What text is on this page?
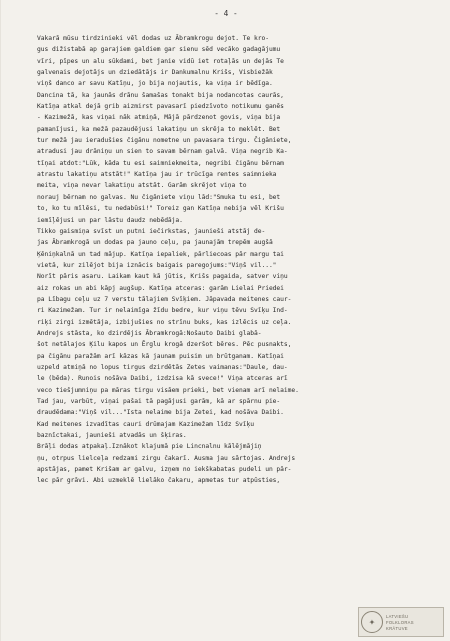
- 4 -
Vakarā mūsu tirdzinieki vēl dodas uz Ābramkrogu dejot. Te kro-
gus dižistabā ap garajiem galdiem gar sienu sēd vecāko gadagājumu
vīri, pīpes un alu sūkdami, bet janie vidū iet rotaļās un dejās Te
galvenais dejotājs un dziedātājs ir Dankumalnu Krišs, Visbiežāk
viņš danco ar savu Katīņu, jo bija nojautis, ka viņa ir bēdīga.
Dancina tā, ka jaunās drānu šamašas tonakt bija nodancotas caurās,
Katīņa atkal dejā grib aizmirst pavasarī piedzīvoto notikumu ganēs
- Kazimežā, kas viņai nāk atmiņā, Mājā pārdzenot govis, viņa bija
pamanījusi, ka mežā pazaudējusi lakatiņu un skrēja to meklēt. Bet
tur mežā jau ieradušies čigānu nometne un pavasara tirgu. Čigāniete,
atradusi jau drāniņu un sien to savam bērnam galvā. Viņa negrib Ka-
tīņai atdot:"Lūk, kāda tu esi saimniekmeita, negribi čigānu bērnam
atrastu lakatiņu atstāt!" Katīņa jau ir trūcīga rentes saimnieka
meita, viņa nevar lakatiņu atstāt. Garām skrējot viņa to
norauj bērnam no galvas. Nu čigāniete viņu lād:"Smuka tu esi, bet
to, ko tu mīlēsi, tu nedabūsi!" Toreiz gan Katīņa nebija vēl Krišu
iemīļējusi un par lāstu daudz nebēdāja.
Tikko gaismiņa svīst un putni iečirkstas, jaunieši atstāj de-
jas Ābramkrogā un dodas pa jauno ceļu, pa jaunajām trepēm augšā
Ķēniņkalnā un tad mājup. Katīņa iepaliek, pārliecoas pār margu tai
vietā, kur zilējot bija iznācis baigais paregojums:"Viņš vil..."
Norīt pāris asaru. Laikam kaut kā jūtis, Krišs pagaida, satver viņu
aiz rokas un abi kāpj augšup. Katīņa atceras: garām Lielai Priedei
pa Lībagu ceļu uz 7 verstu tālajiem Svīķiem. Jāpavada meitenes caur-
ri Kazimežam. Tur ir nelaimīga žīdu bedre, kur viņu tēvu Svīķu Ind-
riķi zirgi izmētāja, izbijušies no strīnu buks, kas izlēcis uz ceļa.
Andrejs stāsta, ko dzirdējis Ābramkrogā:Nošauto Daibi glabā-
šot netālajos Ķilu kapos un Ērglu krogā dzeršot bēres. Pēc pusnakts,
pa čigānu paražām arī kāzas kā jaunam puisim un brūtganam. Katīņai
uzpeld atmiņā no lopus tirgus dzirdētās Zetes vaimanas:"Daule, dau-
le (bēda). Runois nošāva Daibi, izdzisa kā svece!" Viņa atceras arī
veco tiešjumniņu pa māras tirgu visāem prieki, bet vienam arī nelaime.
Tad jau, varbūt, viņai pašai tā pagājusi garām, kā ar spārnu pie-
draudēdama:"Viņš vil..."Ista nelaime bija Zetei, kad nošāva Daibi.
Kad meitenes izvadītas cauri drūmajam Kazimežam līdz Svīķu
baznīctakai, jaunieši atvadās un šķiras.
Brāļi dodas atpakaļ.Iznākot klajumā pie Lincnalnu kālējmājiņ
ņu, otrpus lielceļa redzami zirgu čakarī. Ausma jau sārtojas. Andrejs
apstājas, pamet Krišam ar galvu, izņem no iekškabatas pudeli un pār-
lec pār grāvi. Abi uzmeklē lielāko čakaru, apmetas tur atpūsties,
✦
LATVIEŠU
FOLKLORAS
KRĀTUVE
